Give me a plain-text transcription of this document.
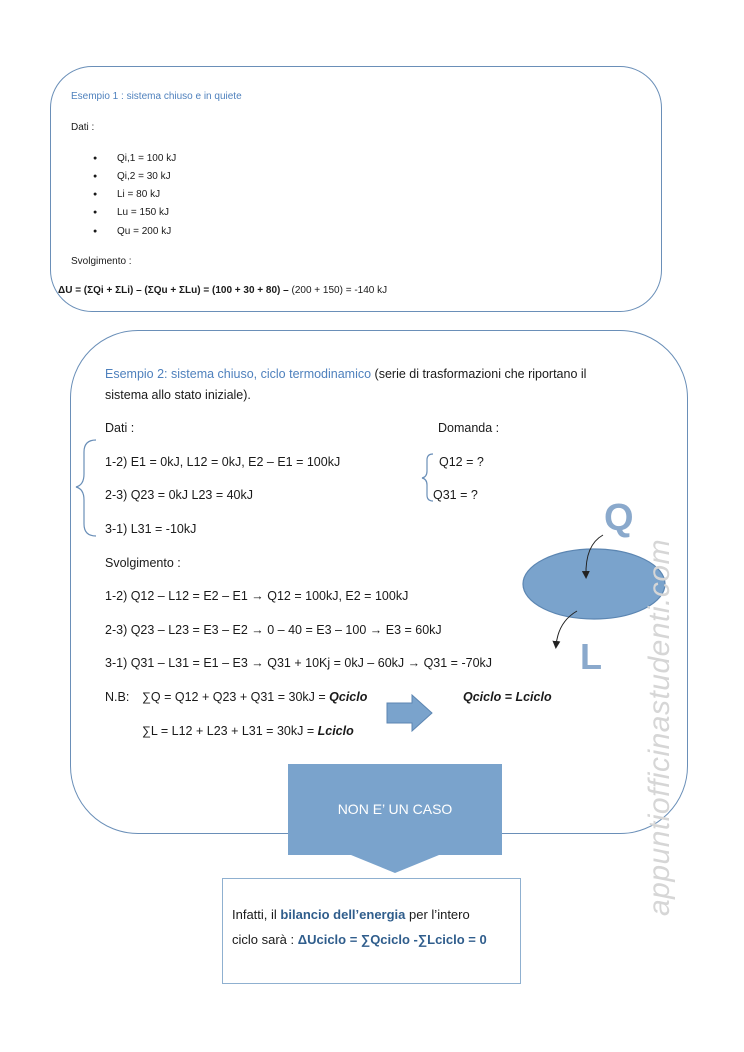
Esempio 1 : sistema chiuso e in quiete
Dati :
● Qi,1 = 100 kJ
● Qi,2 = 30 kJ
● Li = 80 kJ
● Lu = 150 kJ
● Qu = 200 kJ
Svolgimento :
ΔU = (ΣQi + ΣLi) – (ΣQu + ΣLu) = (100 + 30 + 80) – (200 + 150) = -140 kJ
Esempio 2: sistema chiuso, ciclo termodinamico (serie di trasformazioni che riportano il
sistema allo stato iniziale).
Dati :	Domanda :
1-2) E1 = 0kJ, L12 = 0kJ, E2 – E1 = 100kJ
2-3) Q23 = 0kJ L23 = 40kJ
3-1) L31 = -10kJ
Q12 = ?
Q31 = ?
Svolgimento :
1-2) Q12 – L12 = E2 – E1 → Q12 = 100kJ, E2 = 100kJ
2-3) Q23 – L23 = E3 – E2 → 0 – 40 = E3 – 100 → E3 = 60kJ
3-1) Q31 – L31 = E1 – E3 → Q31 + 10Kj = 0kJ – 60kJ → Q31 = -70kJ
N.B: ∑Q = Q12 + Q23 + Q31 = 30kJ = Qciclo
∑L = L12 + L23 + L31 = 30kJ = Lciclo
Qciclo = Lciclo
Q
L
NON E’ UN CASO
Infatti, il bilancio dell’energia per l’intero
ciclo sarà : ΔUciclo = ∑Qciclo -∑Lciclo = 0
appuntiofficinastudenti.com
